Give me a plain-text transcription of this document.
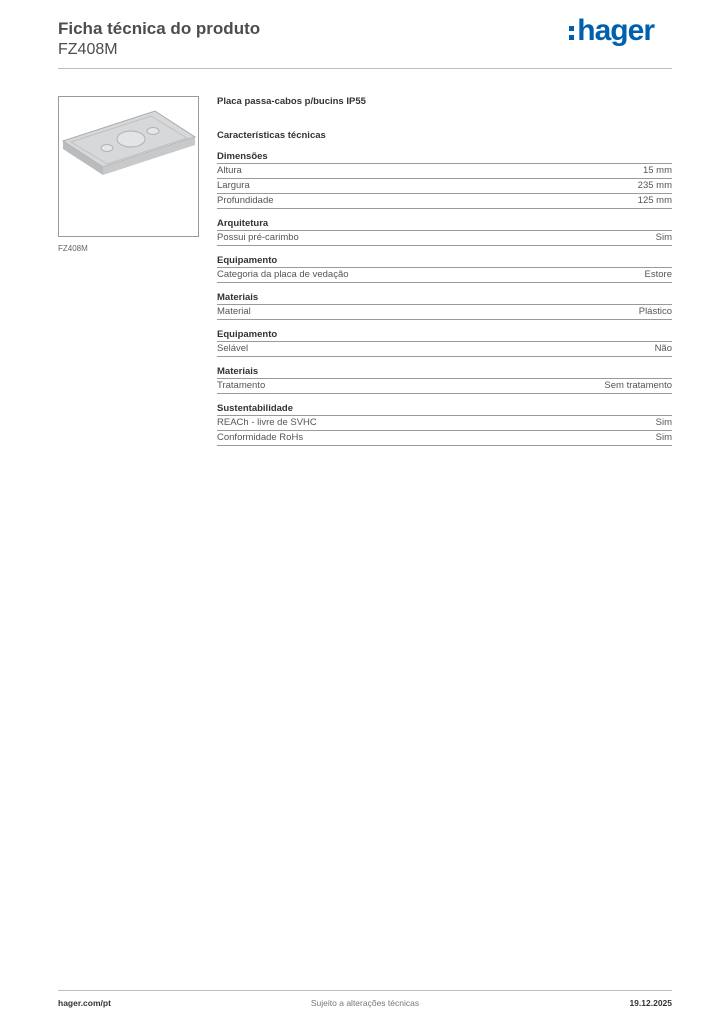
Ficha técnica do produto
FZ408M
hager
FZ408M
Placa passa-cabos p/bucins IP55
Características técnicas
Dimensões
Altura	15 mm
Largura	235 mm
Profundidade	125 mm
Arquitetura
Possui pré-carimbo	Sim
Equipamento
Categoria da placa de vedação	Estore
Materiais
Material	Plástico
Equipamento
Selável	Não
Materiais
Tratamento	Sem tratamento
Sustentabilidade
REACh - livre de SVHC	Sim
Conformidade RoHs	Sim
hager.com/pt	Sujeito a alterações técnicas	19.12.2025
